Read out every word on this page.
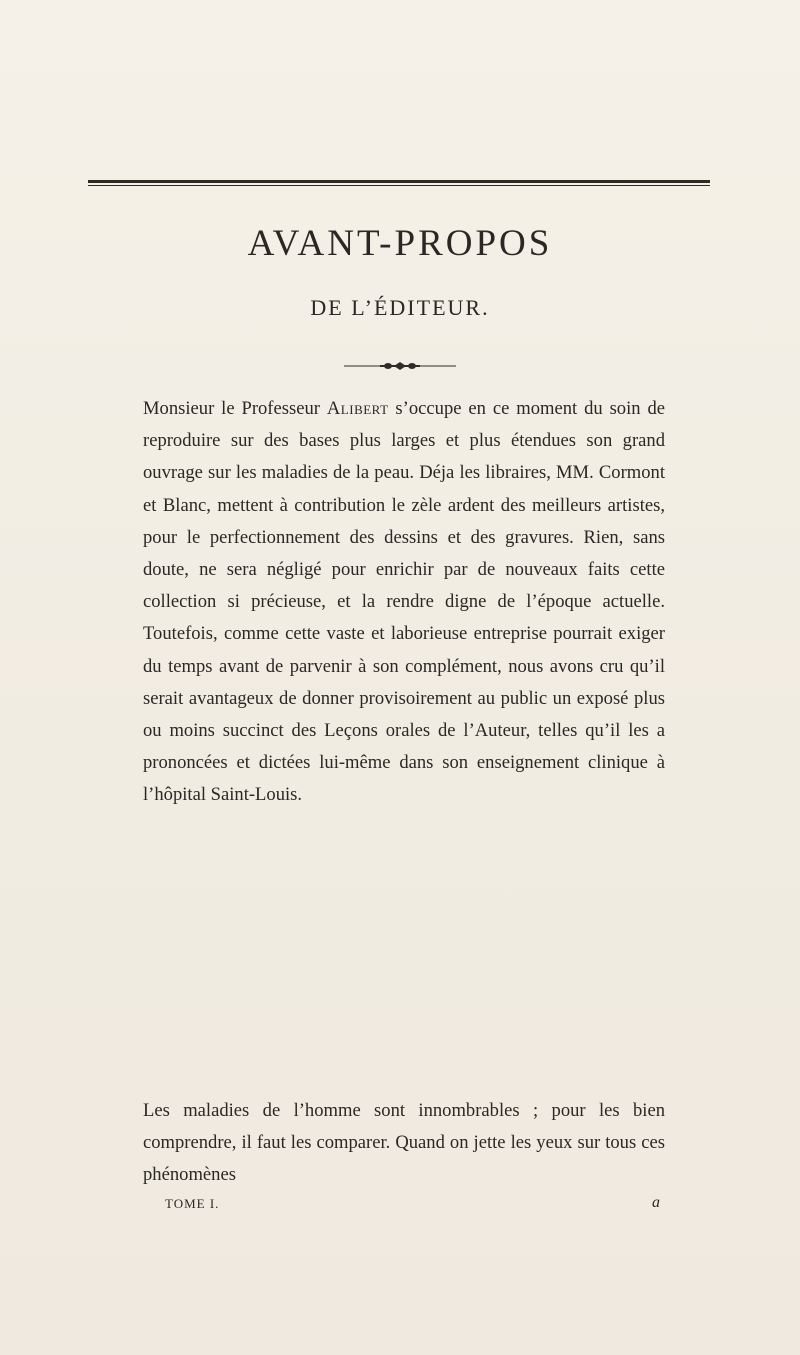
AVANT-PROPOS
DE L’ÉDITEUR.

Monsieur le Professeur Alibert s’occupe en ce moment du soin de reproduire sur des bases plus larges et plus étendues son grand ouvrage sur les maladies de la peau. Déja les libraires, MM. Cormont et Blanc, mettent à contribution le zèle ardent des meilleurs artistes, pour le perfectionnement des dessins et des gravures. Rien, sans doute, ne sera négligé pour enrichir par de nouveaux faits cette collection si précieuse, et la rendre digne de l’époque actuelle. Toutefois, comme cette vaste et laborieuse entreprise pourrait exiger du temps avant de parvenir à son complément, nous avons cru qu’il serait avantageux de donner provisoirement au public un exposé plus ou moins succinct des Leçons orales de l’Auteur, telles qu’il les a prononcées et dictées lui-même dans son enseignement clinique à l’hôpital Saint-Louis.

Les maladies de l’homme sont innombrables ; pour les bien comprendre, il faut les comparer. Quand on jette les yeux sur tous ces phénomènes

TOME I.	a
